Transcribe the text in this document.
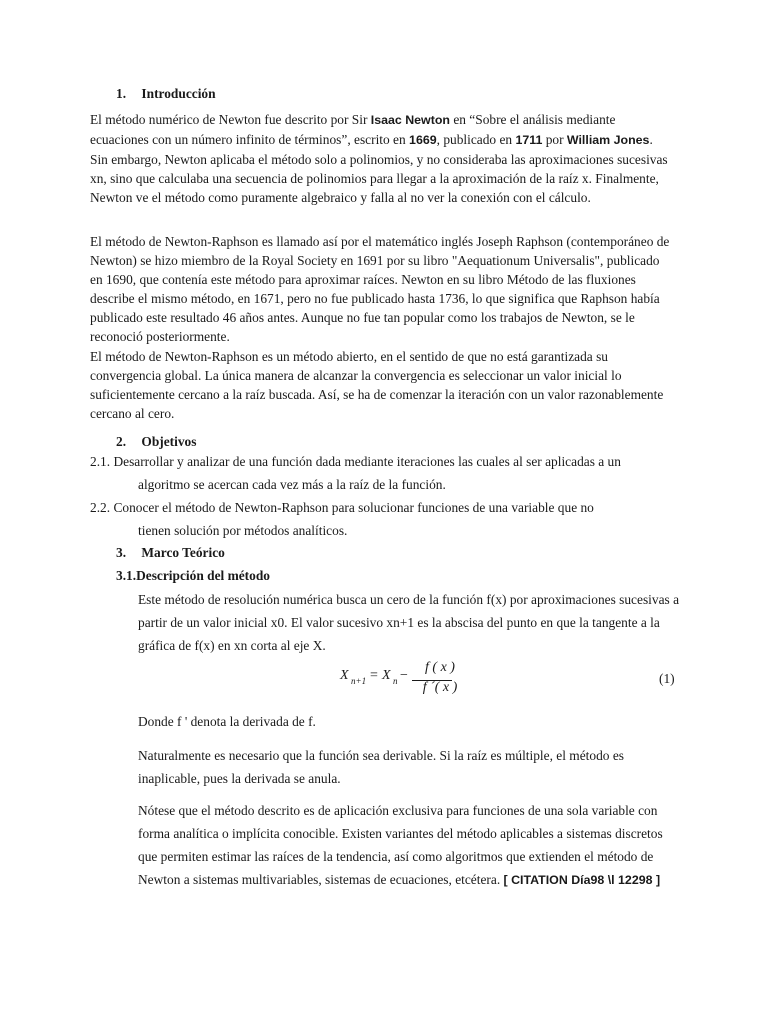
1. Introducción

El método numérico de Newton fue descrito por Sir Isaac Newton en “Sobre el análisis mediante ecuaciones con un número infinito de términos”, escrito en 1669, publicado en 1711 por William Jones. Sin embargo, Newton aplicaba el método solo a polinomios, y no consideraba las aproximaciones sucesivas xn, sino que calculaba una secuencia de polinomios para llegar a la aproximación de la raíz x. Finalmente, Newton ve el método como puramente algebraico y falla al no ver la conexión con el cálculo.

El método de Newton-Raphson es llamado así por el matemático inglés Joseph Raphson (contemporáneo de Newton) se hizo miembro de la Royal Society en 1691 por su libro "Aequationum Universalis", publicado en 1690, que contenía este método para aproximar raíces. Newton en su libro Método de las fluxiones describe el mismo método, en 1671, pero no fue publicado hasta 1736, lo que significa que Raphson había publicado este resultado 46 años antes. Aunque no fue tan popular como los trabajos de Newton, se le reconoció posteriormente.

El método de Newton-Raphson es un método abierto, en el sentido de que no está garantizada su convergencia global. La única manera de alcanzar la convergencia es seleccionar un valor inicial lo suficientemente cercano a la raíz buscada. Así, se ha de comenzar la iteración con un valor razonablemente cercano al cero.

2. Objetivos
2.1. Desarrollar y analizar de una función dada mediante iteraciones las cuales al ser aplicadas a un
algoritmo se acercan cada vez más a la raíz de la función.
2.2. Conocer el método de Newton-Raphson para solucionar funciones de una variable que no
tienen solución por métodos analíticos.
3. Marco Teórico
3.1.Descripción del método
Este método de resolución numérica busca un cero de la función f(x) por aproximaciones sucesivas a partir de un valor inicial x0. El valor sucesivo xn+1 es la abscisa del punto en que la tangente a la gráfica de f(x) en xn corta al eje X.
X n+1 = X n −
f ( x )
f ´( x )
(1)
Donde f ' denota la derivada de f.
Naturalmente es necesario que la función sea derivable. Si la raíz es múltiple, el método es inaplicable, pues la derivada se anula.
Nótese que el método descrito es de aplicación exclusiva para funciones de una sola variable con forma analítica o implícita conocible. Existen variantes del método aplicables a sistemas discretos que permiten estimar las raíces de la tendencia, así como algoritmos que extienden el método de Newton a sistemas multivariables, sistemas de ecuaciones, etcétera. [ CITATION Día98 \l 12298 ]
